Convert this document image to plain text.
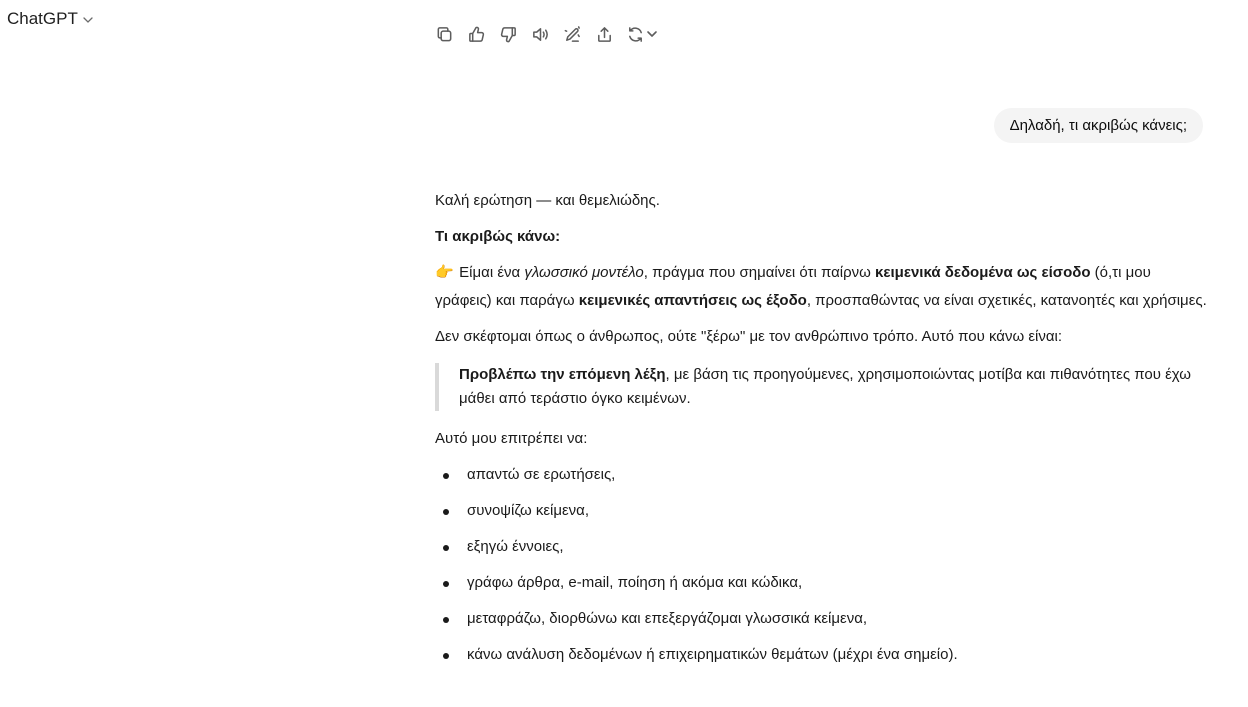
ChatGPT
Δηλαδή, τι ακριβώς κάνεις;

Καλή ερώτηση — και θεμελιώδης.

Τι ακριβώς κάνω:

👉 Είμαι ένα γλωσσικό μοντέλο, πράγμα που σημαίνει ότι παίρνω κειμενικά δεδομένα ως είσοδο (ό,τι μου γράφεις) και παράγω κειμενικές απαντήσεις ως έξοδο, προσπαθώντας να είναι σχετικές, κατανοητές και χρήσιμες.

Δεν σκέφτομαι όπως ο άνθρωπος, ούτε "ξέρω" με τον ανθρώπινο τρόπο. Αυτό που κάνω είναι:

Προβλέπω την επόμενη λέξη, με βάση τις προηγούμενες, χρησιμοποιώντας μοτίβα και πιθανότητες που έχω μάθει από τεράστιο όγκο κειμένων.

Αυτό μου επιτρέπει να:

απαντώ σε ερωτήσεις,
συνοψίζω κείμενα,
εξηγώ έννοιες,
γράφω άρθρα, e-mail, ποίηση ή ακόμα και κώδικα,
μεταφράζω, διορθώνω και επεξεργάζομαι γλωσσικά κείμενα,
κάνω ανάλυση δεδομένων ή επιχειρηματικών θεμάτων (μέχρι ένα σημείο).
